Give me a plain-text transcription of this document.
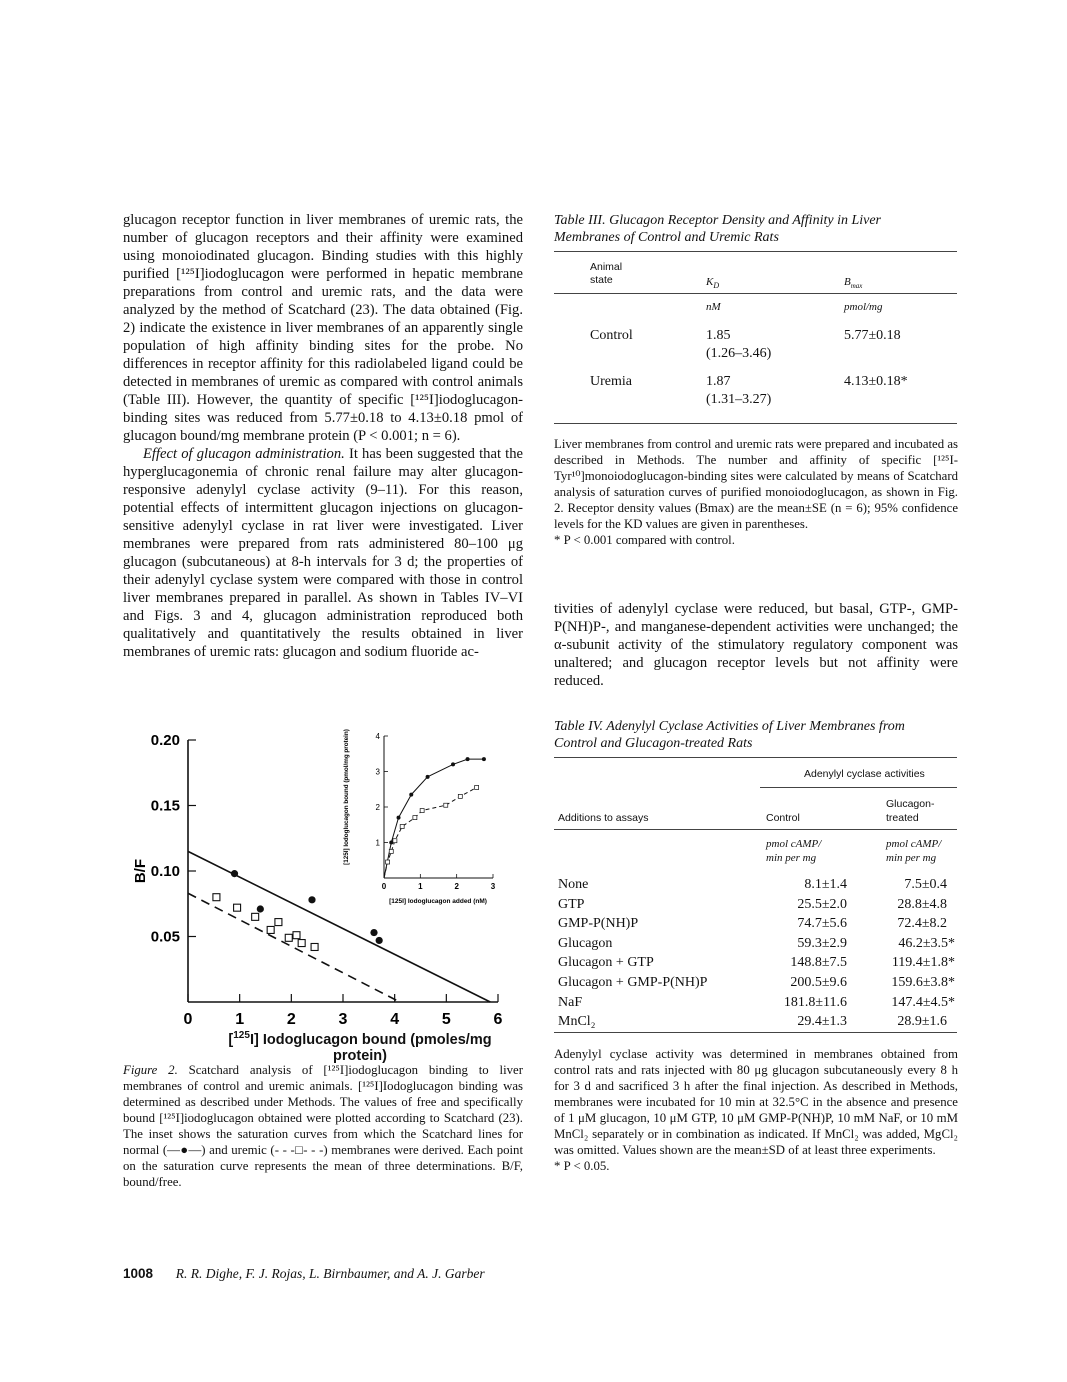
glucagon receptor function in liver membranes of uremic rats, the number of glucagon receptors and their affinity were examined using monoiodinated glucagon. Binding studies with this highly purified [¹²⁵I]iodoglucagon were performed in hepatic membrane preparations from control and uremic rats, and the data were analyzed by the method of Scatchard (23). The data obtained (Fig. 2) indicate the existence in liver membranes of an apparently single population of high affinity binding sites for the probe. No differences in receptor affinity for this radiolabeled ligand could be detected in membranes of uremic as compared with control animals (Table III). However, the quantity of specific [¹²⁵I]iodoglucagon-binding sites was reduced from 5.77±0.18 to 4.13±0.18 pmol of glucagon bound/mg membrane protein (P < 0.001; n = 6).

Effect of glucagon administration. It has been suggested that the hyperglucagonemia of chronic renal failure may alter glucagon-responsive adenylyl cyclase activity (9–11). For this reason, potential effects of intermittent glucagon injections on glucagon-sensitive adenylyl cyclase in rat liver were investigated. Liver membranes were prepared from rats administered 80–100 μg glucagon (subcutaneous) at 8-h intervals for 3 d; the properties of their adenylyl cyclase system were compared with those in control liver membranes prepared in parallel. As shown in Tables IV–VI and Figs. 3 and 4, glucagon administration reproduced both qualitatively and quantitatively the results obtained in liver membranes of uremic rats: glucagon and sodium fluoride ac-

0	1	2	3	4	5	6
0.05
0.10
0.15
0.20
B/F
0	1	2	3
1
2
3
4
[125I] Iodoglucagon added (nM)
[125I] Iodoglucagon bound (pmol/mg protein)
[$^{125}$I] Iodoglucagon bound (pmoles/mg protein)
Figure 2. Scatchard analysis of [¹²⁵I]iodoglucagon binding to liver membranes of control and uremic animals. [¹²⁵I]Iodoglucagon binding was determined as described under Methods. The values of free and specifically bound [¹²⁵I]iodoglucagon obtained were plotted according to Scatchard (23). The inset shows the saturation curves from which the Scatchard lines for normal (—●—) and uremic (- - -□- - -) membranes were derived. Each point on the saturation curve represents the mean of three determinations. B/F, bound/free.
Table III. Glucagon Receptor Density and Affinity in Liver Membranes of Control and Uremic Rats
Animal
state	$K_D$	$B_{max}$
nM	pmol/mg
Control	1.85
(1.26–3.46)
5.77±0.18
Uremia	1.87
(1.31–3.27)
4.13±0.18*
Liver membranes from control and uremic rats were prepared and incubated as described in Methods. The number and affinity of specific [¹²⁵I-Tyr¹⁰]monoiodoglucagon-binding sites were calculated by means of Scatchard analysis of saturation curves of purified monoiodoglucagon, as shown in Fig. 2. Receptor density values (Bmax) are the mean±SE (n = 6); 95% confidence levels for the KD values are given in parentheses.
* P < 0.001 compared with control.
tivities of adenylyl cyclase were reduced, but basal, GTP-, GMP-P(NH)P-, and manganese-dependent activities were unchanged; the α-subunit activity of the stimulatory regulatory component was unaltered; and glucagon receptor levels but not affinity were reduced.
Table IV. Adenylyl Cyclase Activities of Liver Membranes from Control and Glucagon-treated Rats
Adenylyl cyclase activities
Additions to assays	Control
Glucagon-
treated
pmol cAMP/
min per mg
pmol cAMP/
min per mg
None	8.1±1.4	7.5±0.4
GTP	25.5±2.0	28.8±4.8
GMP-P(NH)P	74.7±5.6	72.4±8.2
Glucagon	59.3±2.9	46.2±3.5*
Glucagon + GTP	148.8±7.5	119.4±1.8*
Glucagon + GMP-P(NH)P	200.5±9.6	159.6±3.8*
NaF	181.8±11.6	147.4±4.5*
MnCl₂	29.4±1.3	28.9±1.6
Adenylyl cyclase activity was determined in membranes obtained from control rats and rats injected with 80 μg glucagon subcutaneously every 8 h for 3 d and sacrificed 3 h after the final injection. As described in Methods, membranes were incubated for 10 min at 32.5°C in the absence and presence of 1 μM glucagon, 10 μM GTP, 10 μM GMP-P(NH)P, 10 mM NaF, or 10 mM MnCl₂ separately or in combination as indicated. If MnCl₂ was added, MgCl₂ was omitted. Values shown are the mean±SD of at least three experiments.
* P < 0.05.
1008 R. R. Dighe, F. J. Rojas, L. Birnbaumer, and A. J. Garber
